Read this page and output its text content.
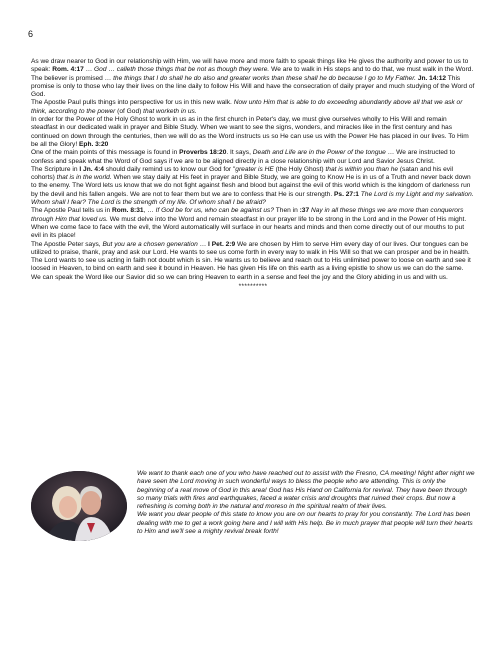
6

As we draw nearer to God in our relationship with Him, we will have more and more faith to speak things like He gives the authority and power to us to speak: Rom. 4:17 … God … calleth those things that be not as though they were. We are to walk in His steps and to do that, we must walk in the Word.

The believer is promised … the things that I do shall he do also and greater works than these shall he do because I go to My Father. Jn. 14:12 This promise is only to those who lay their lives on the line daily to follow His Will and have the consecration of daily prayer and much studying of the Word of God.

The Apostle Paul pulls things into perspective for us in this new walk. Now unto Him that is able to do exceeding abundantly above all that we ask or think, according to the power (of God) that worketh in us.

In order for the Power of the Holy Ghost to work in us as in the first church in Peter's day, we must give ourselves wholly to His Will and remain steadfast in our dedicated walk in prayer and Bible Study. When we want to see the signs, wonders, and miracles like in the first century and has continued on down through the centuries, then we will do as the Word instructs us so He can use us with the Power He has placed in our lives. To Him be all the Glory! Eph. 3:20

One of the main points of this message is found in Proverbs 18:20. It says, Death and Life are in the Power of the tongue … We are instructed to confess and speak what the Word of God says if we are to be aligned directly in a close relationship with our Lord and Savior Jesus Christ.

The Scripture in I Jn. 4:4 should daily remind us to know our God for "greater is HE (the Holy Ghost) that is within you than he (satan and his evil cohorts) that is in the world. When we stay daily at His feet in prayer and Bible Study, we are going to Know He is in us of a Truth and never back down to the enemy. The Word lets us know that we do not fight against flesh and blood but against the evil of this world which is the kingdom of darkness run by the devil and his fallen angels. We are not to fear them but we are to confess that He is our strength. Ps. 27:1 The Lord is my Light and my salvation. Whom shall I fear? The Lord is the strength of my life. Of whom shall I be afraid?

The Apostle Paul tells us in Rom. 8:31, … If God be for us, who can be against us? Then in :37 Nay in all these things we are more than conquerors through Him that loved us. We must delve into the Word and remain steadfast in our prayer life to be strong in the Lord and in the Power of His might. When we come face to face with the evil, the Word automatically will surface in our hearts and minds and then come directly out of our mouths to put evil in its place!

The Apostle Peter says, But you are a chosen generation … I Pet. 2:9 We are chosen by Him to serve Him every day of our lives. Our tongues can be utilized to praise, thank, pray and ask our Lord. He wants to see us come forth in every way to walk in His Will so that we can prosper and be in health.

The Lord wants to see us acting in faith not doubt which is sin. He wants us to believe and reach out to His unlimited power to loose on earth and see it loosed in Heaven, to bind on earth and see it bound in Heaven. He has given His life on this earth as a living epistle to show us we can do the same. We can speak the Word like our Savior did so we can bring Heaven to earth in a sense and feel the joy and the Glory abiding in us and with us.

**********

We want to thank each one of you who have reached out to assist with the Fresno, CA meeting! Night after night we have seen the Lord moving in such wonderful ways to bless the people who are attending. This is only the beginning of a real move of God in this area! God has His Hand on California for revival. They have been through so many trials with fires and earthquakes, faced a water crisis and droughts that ruined their crops. But now a refreshing is coming both in the natural and moreso in the spiritual realm of their lives.

We want you dear people of this state to know you are on our hearts to pray for you constantly. The Lord has been dealing with me to get a work going here and I will with His help. Be in much prayer that people will turn their hearts to Him and we'll see a mighty revival break forth!
